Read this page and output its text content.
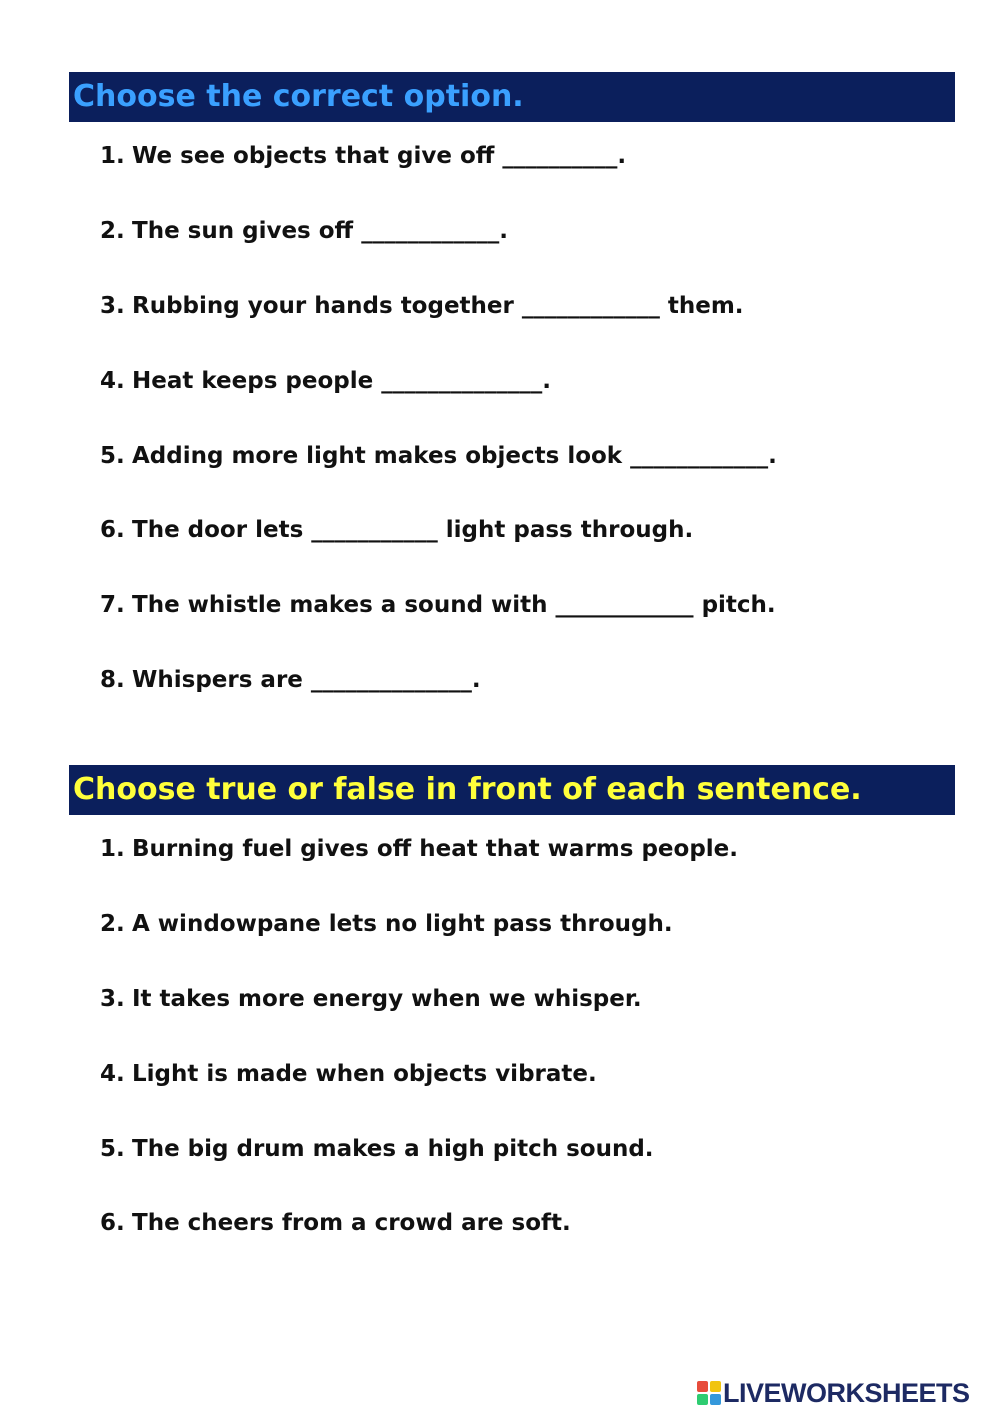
Choose the correct option.
1. We see objects that give off __________.
2. The sun gives off ____________.
3. Rubbing your hands together ____________ them.
4. Heat keeps people ______________.
5. Adding more light makes objects look ____________.
6. The door lets ___________ light pass through.
7. The whistle makes a sound with ____________ pitch.
8. Whispers are ______________.
Choose true or false in front of each sentence.
1. Burning fuel gives off heat that warms people.
2. A windowpane lets no light pass through.
3. It takes more energy when we whisper.
4. Light is made when objects vibrate.
5. The big drum makes a high pitch sound.
6. The cheers from a crowd are soft.
LIVEWORKSHEETS
